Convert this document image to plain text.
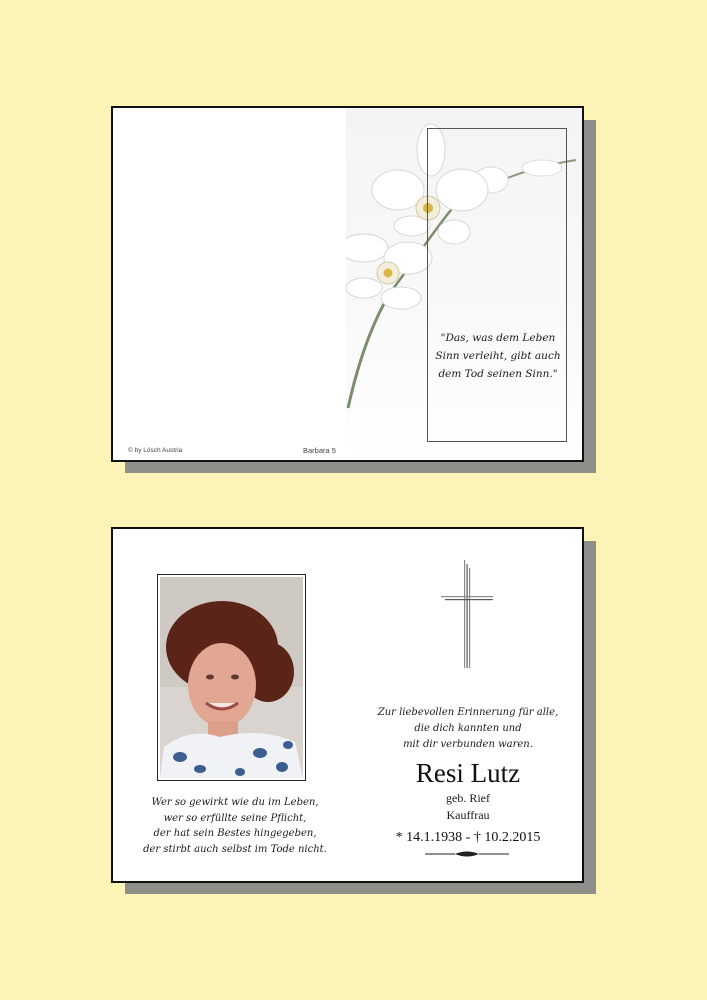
"Das, was dem Leben
Sinn verleiht, gibt auch
dem Tod seinen Sinn."
© by Lösch Austria	Barbara 5
Wer so gewirkt wie du im Leben,
wer so erfüllte seine Pflicht,
der hat sein Bestes hingegeben,
der stirbt auch selbst im Tode nicht.
Zur liebevollen Erinnerung für alle,
die dich kannten und
mit dir verbunden waren.
Resi Lutz
geb. Rief
Kauffrau
* 14.1.1938 - † 10.2.2015
